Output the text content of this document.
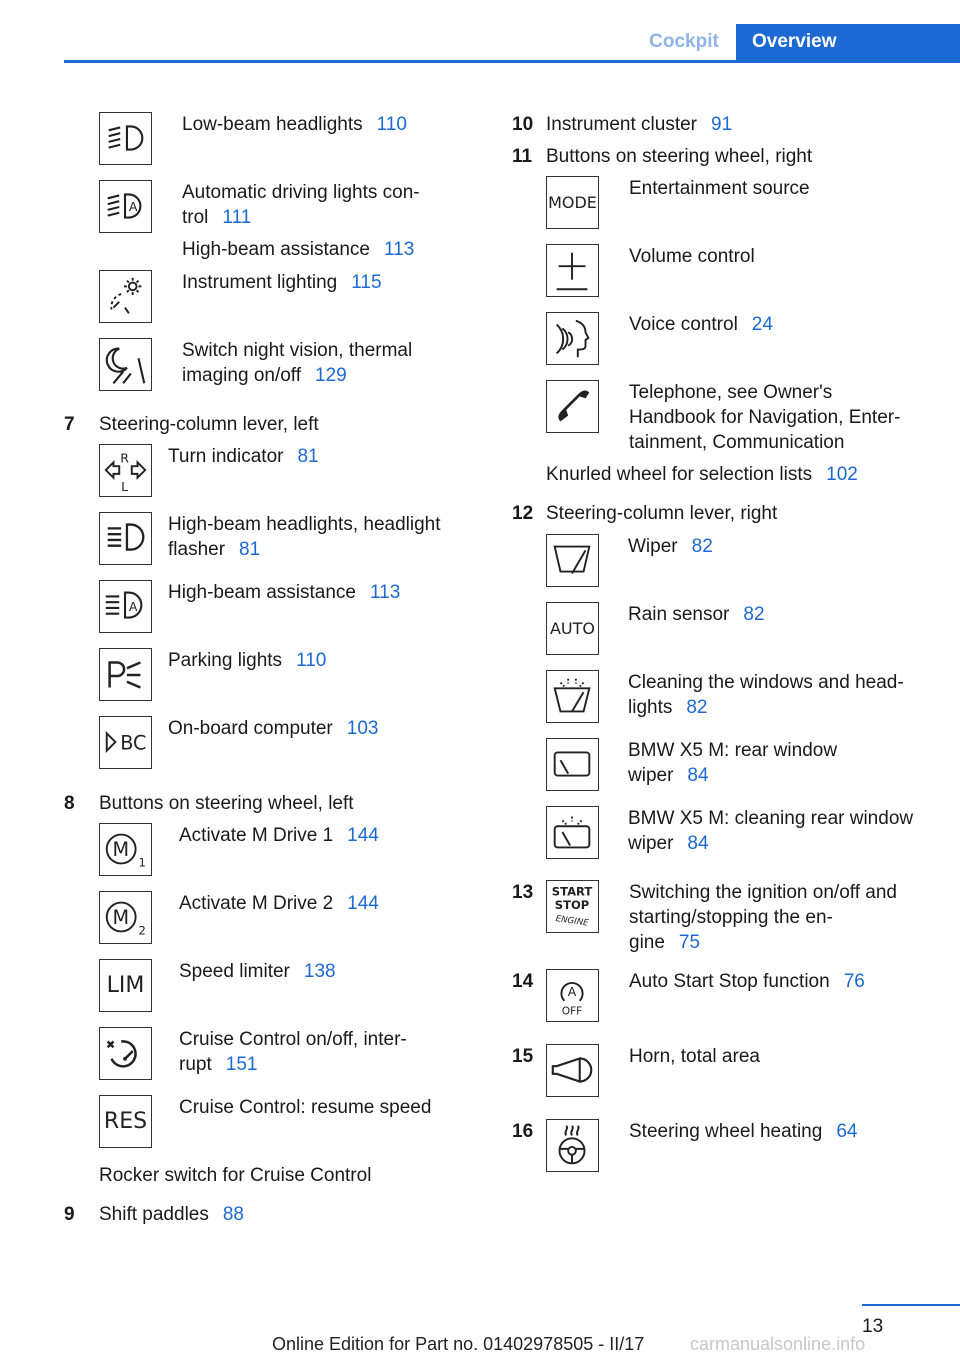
Cockpit	Overview
Low-beam headlights 110
A
Automatic driving lights con-
trol 111
High-beam assistance 113
Instrument lighting 115
Switch night vision, thermal
imaging on/off 129
7 Steering-column lever, left
R
L
Turn indicator 81
High-beam headlights, headlight
flasher 81
A
High-beam assistance 113
Parking lights 110
BC
On-board computer 103
8 Buttons on steering wheel, left
M
1
Activate M Drive 1 144
M
2
Activate M Drive 2 144
LIM
Speed limiter 138
Cruise Control on/off, inter-
rupt 151
RES
Cruise Control: resume speed
Rocker switch for Cruise Control
9 Shift paddles 88
10 Instrument cluster 91
11 Buttons on steering wheel, right
MODE
Entertainment source
Volume control
Voice control 24
Telephone, see Owner's
Handbook for Navigation, Enter-
tainment, Communication
Knurled wheel for selection lists 102
12 Steering-column lever, right
Wiper 82
AUTO
Rain sensor 82
Cleaning the windows and head-
lights 82
BMW X5 M: rear window
wiper 84
BMW X5 M: cleaning rear window
wiper 84
13 START
STOP
ENGINE
Switching the ignition on/off and
starting/stopping the en-
gine 75
14	A
OFF
Auto Start Stop function 76
15	Horn, total area
16	Steering wheel heating 64
13
Online Edition for Part no. 01402978505 - II/17	carmanualsonline.info
